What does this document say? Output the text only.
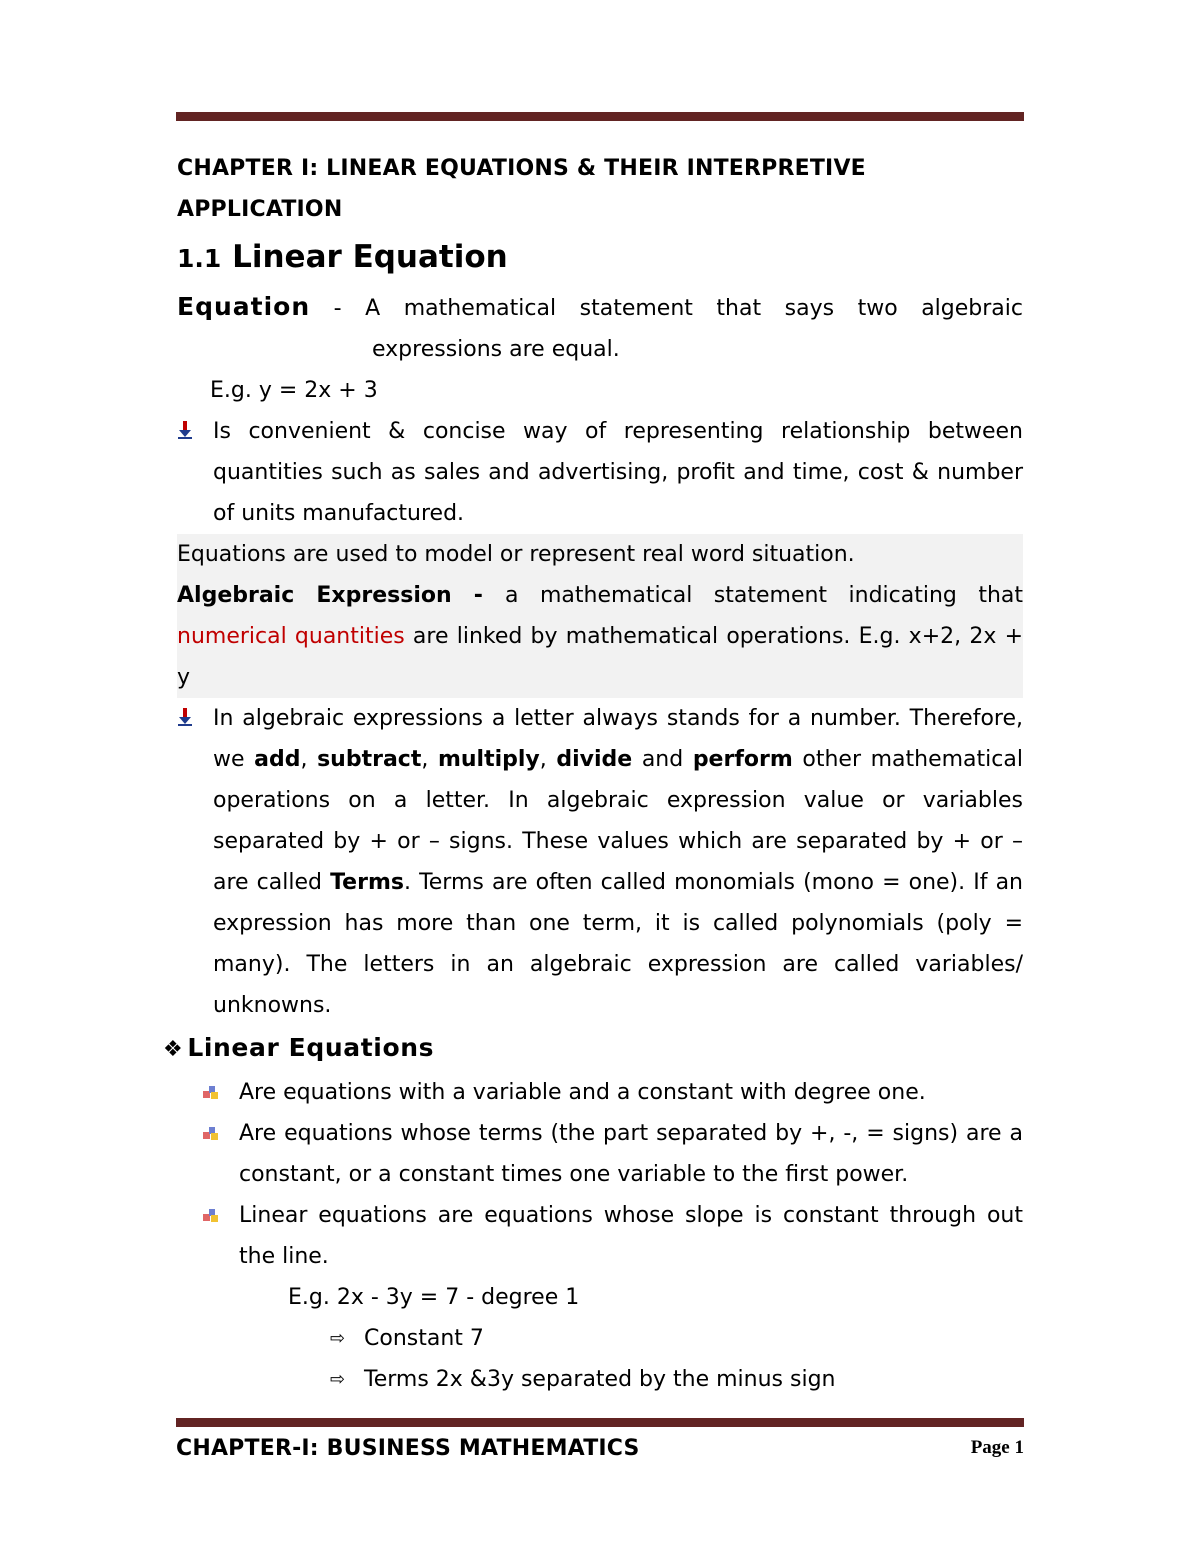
CHAPTER I: LINEAR EQUATIONS & THEIR INTERPRETIVE
APPLICATION
1.1 Linear Equation

Equation - A mathematical statement that says two algebraic

expressions are equal.

E.g. y = 2x + 3

Is convenient & concise way of representing relationship between quantities such as sales and advertising, profit and time, cost & number of units manufactured.

Equations are used to model or represent real word situation.

Algebraic Expression - a mathematical statement indicating that numerical quantities are linked by mathematical operations. E.g. x+2, 2x + y

In algebraic expressions a letter always stands for a number. Therefore, we add, subtract, multiply, divide and perform other mathematical operations on a letter. In algebraic expression value or variables separated by + or – signs. These values which are separated by + or – are called Terms. Terms are often called monomials (mono = one). If an expression has more than one term, it is called polynomials (poly = many). The letters in an algebraic expression are called variables/ unknowns.
❖ Linear Equations
Are equations with a variable and a constant with degree one.
Are equations whose terms (the part separated by +, -, = signs) are a constant, or a constant times one variable to the first power.
Linear equations are equations whose slope is constant through out the line.

E.g. 2x - 3y = 7 - degree 1

⇨ Constant 7
⇨ Terms 2x &3y separated by the minus sign
CHAPTER-I: BUSINESS MATHEMATICS	Page 1
